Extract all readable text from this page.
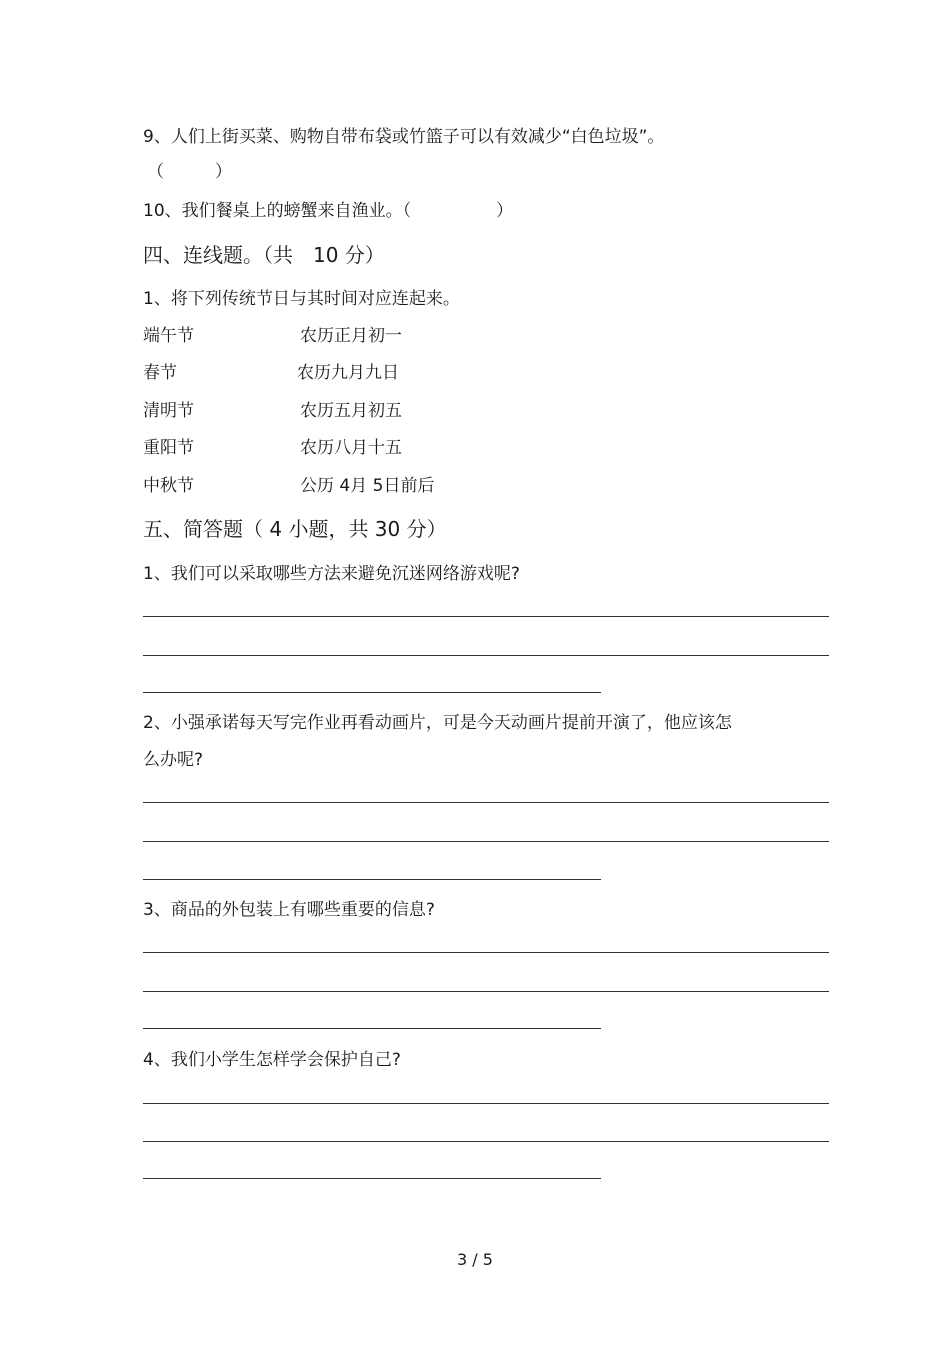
9、人们上街买菜、购物自带布袋或竹篮子可以有效减少“白色垃圾”。
（　　　）
10、我们餐桌上的螃蟹来自渔业。（　　　　　）
四、连线题。（共　10 分）
1、将下列传统节日与其时间对应连起来。
端午节	农历正月初一
春节	农历九月九日
清明节	农历五月初五
重阳节	农历八月十五
中秋节	公历 4月 5日前后
五、简答题（ 4 小题，共 30 分）
1、我们可以采取哪些方法来避免沉迷网络游戏呢?
2、小强承诺每天写完作业再看动画片，可是今天动画片提前开演了，他应该怎
么办呢?
3、商品的外包装上有哪些重要的信息?
4、我们小学生怎样学会保护自己?
3 / 5
